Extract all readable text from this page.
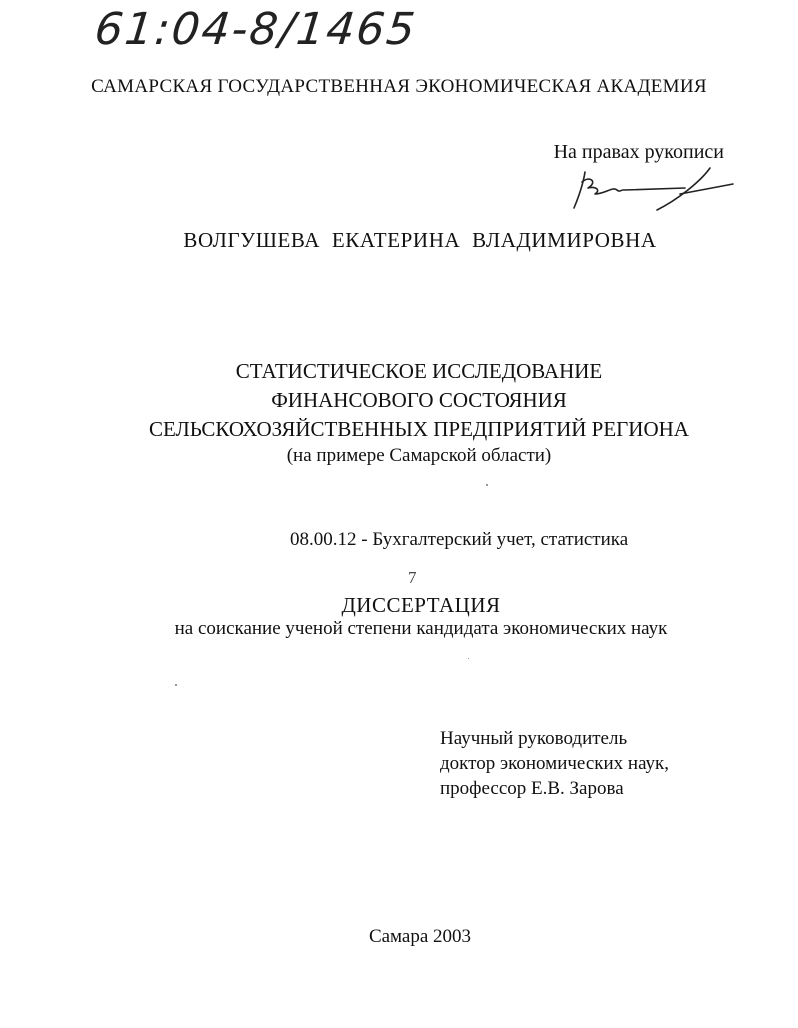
61:04-8/1465
САМАРСКАЯ ГОСУДАРСТВЕННАЯ ЭКОНОМИЧЕСКАЯ АКАДЕМИЯ
На правах рукописи
ВОЛГУШЕВА ЕКАТЕРИНА ВЛАДИМИРОВНА
СТАТИСТИЧЕСКОЕ ИССЛЕДОВАНИЕ
ФИНАНСОВОГО СОСТОЯНИЯ
СЕЛЬСКОХОЗЯЙСТВЕННЫХ ПРЕДПРИЯТИЙ РЕГИОНА
(на примере Самарской области)
08.00.12 - Бухгалтерский учет, статистика
7
ДИССЕРТАЦИЯ
на соискание ученой степени кандидата экономических наук
Научный руководитель
доктор экономических наук,
профессор Е.В. Зарова
Самара 2003
